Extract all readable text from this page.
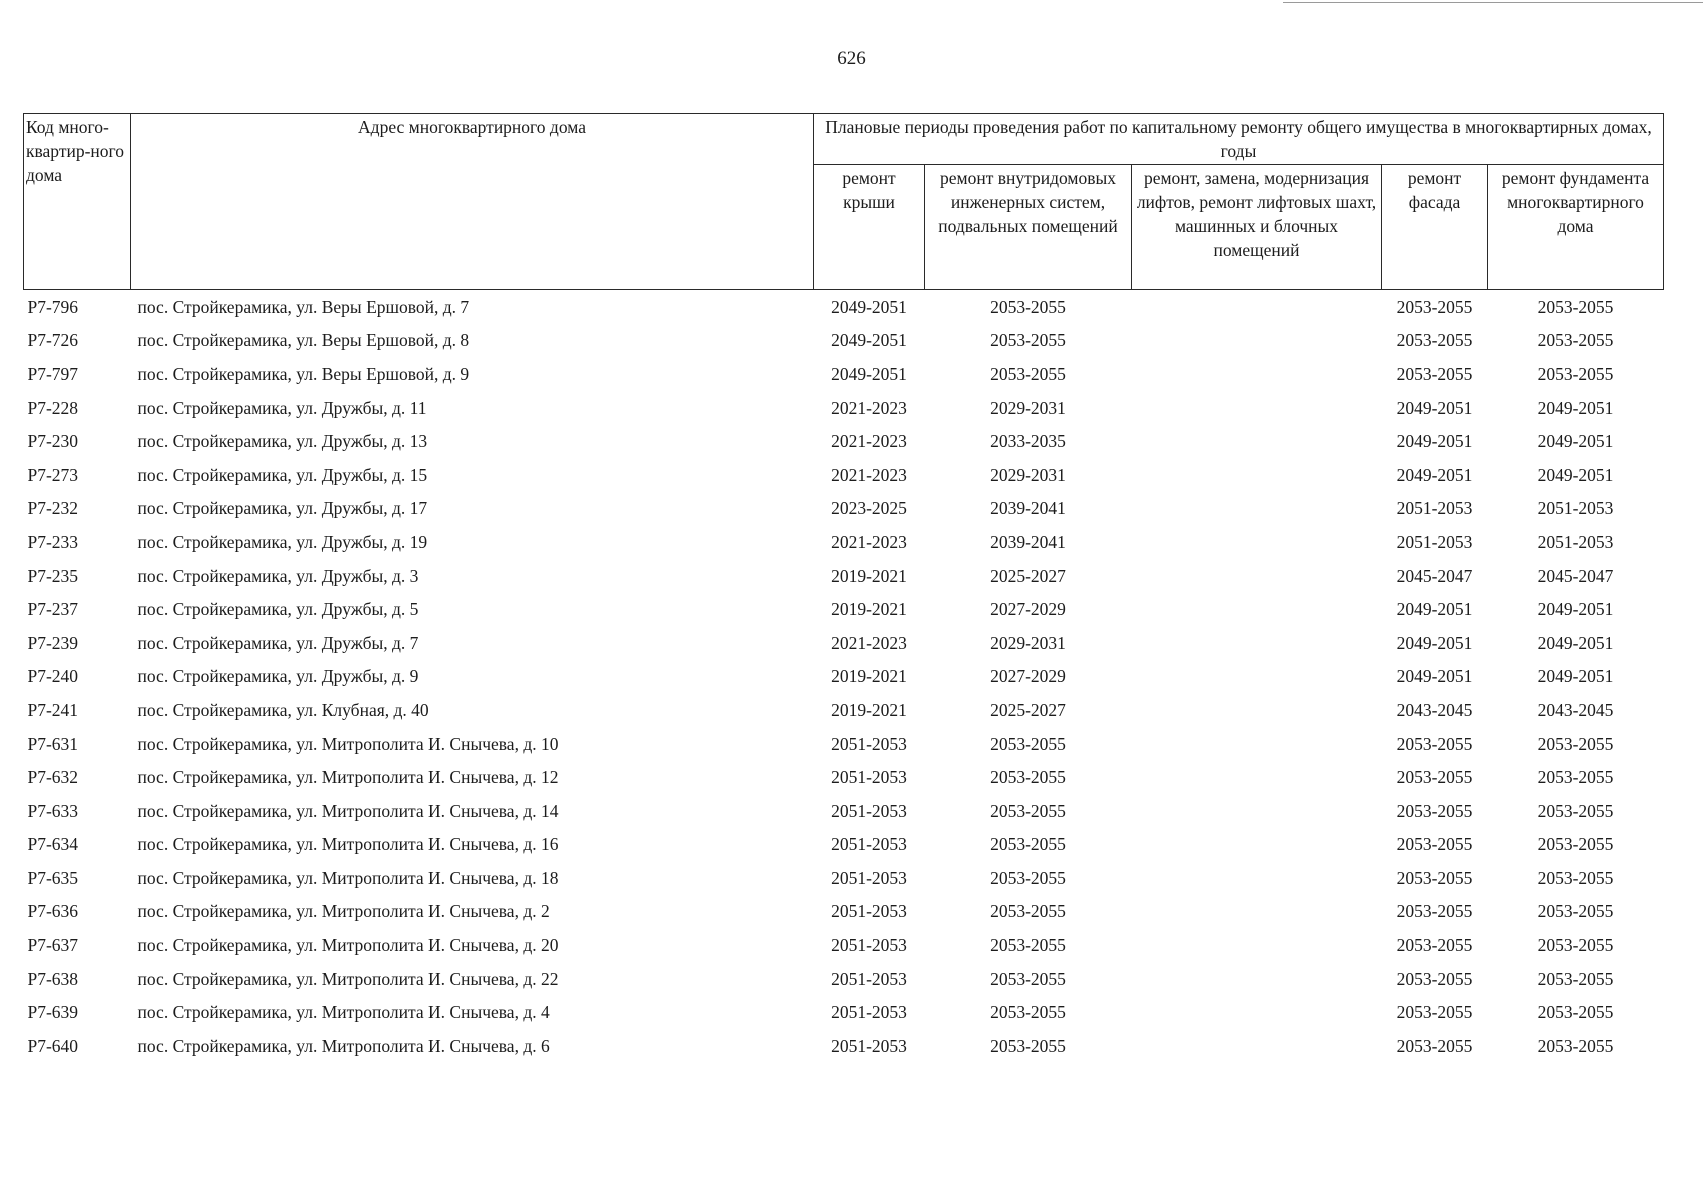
626
Код много-квартир-ного дома	Адрес многоквартирного дома	Плановые периоды проведения работ по капитальному ремонту общего имущества в многоквартирных домах, годы				
		ремонт крыши	ремонт внутридомовых инженерных систем, подвальных помещений	ремонт, замена, модернизация лифтов, ремонт лифтовых шахт, машинных и блочных помещений	ремонт фасада	ремонт фундамента многоквартирного дома
Р7-796	пос. Стройкерамика, ул. Веры Ершовой, д. 7	2049-2051	2053-2055		2053-2055	2053-2055
Р7-726	пос. Стройкерамика, ул. Веры Ершовой, д. 8	2049-2051	2053-2055		2053-2055	2053-2055
Р7-797	пос. Стройкерамика, ул. Веры Ершовой, д. 9	2049-2051	2053-2055		2053-2055	2053-2055
Р7-228	пос. Стройкерамика, ул. Дружбы, д. 11	2021-2023	2029-2031		2049-2051	2049-2051
Р7-230	пос. Стройкерамика, ул. Дружбы, д. 13	2021-2023	2033-2035		2049-2051	2049-2051
Р7-273	пос. Стройкерамика, ул. Дружбы, д. 15	2021-2023	2029-2031		2049-2051	2049-2051
Р7-232	пос. Стройкерамика, ул. Дружбы, д. 17	2023-2025	2039-2041		2051-2053	2051-2053
Р7-233	пос. Стройкерамика, ул. Дружбы, д. 19	2021-2023	2039-2041		2051-2053	2051-2053
Р7-235	пос. Стройкерамика, ул. Дружбы, д. 3	2019-2021	2025-2027		2045-2047	2045-2047
Р7-237	пос. Стройкерамика, ул. Дружбы, д. 5	2019-2021	2027-2029		2049-2051	2049-2051
Р7-239	пос. Стройкерамика, ул. Дружбы, д. 7	2021-2023	2029-2031		2049-2051	2049-2051
Р7-240	пос. Стройкерамика, ул. Дружбы, д. 9	2019-2021	2027-2029		2049-2051	2049-2051
Р7-241	пос. Стройкерамика, ул. Клубная, д. 40	2019-2021	2025-2027		2043-2045	2043-2045
Р7-631	пос. Стройкерамика, ул. Митрополита И. Снычева, д. 10	2051-2053	2053-2055		2053-2055	2053-2055
Р7-632	пос. Стройкерамика, ул. Митрополита И. Снычева, д. 12	2051-2053	2053-2055		2053-2055	2053-2055
Р7-633	пос. Стройкерамика, ул. Митрополита И. Снычева, д. 14	2051-2053	2053-2055		2053-2055	2053-2055
Р7-634	пос. Стройкерамика, ул. Митрополита И. Снычева, д. 16	2051-2053	2053-2055		2053-2055	2053-2055
Р7-635	пос. Стройкерамика, ул. Митрополита И. Снычева, д. 18	2051-2053	2053-2055		2053-2055	2053-2055
Р7-636	пос. Стройкерамика, ул. Митрополита И. Снычева, д. 2	2051-2053	2053-2055		2053-2055	2053-2055
Р7-637	пос. Стройкерамика, ул. Митрополита И. Снычева, д. 20	2051-2053	2053-2055		2053-2055	2053-2055
Р7-638	пос. Стройкерамика, ул. Митрополита И. Снычева, д. 22	2051-2053	2053-2055		2053-2055	2053-2055
Р7-639	пос. Стройкерамика, ул. Митрополита И. Снычева, д. 4	2051-2053	2053-2055		2053-2055	2053-2055
Р7-640	пос. Стройкерамика, ул. Митрополита И. Снычева, д. 6	2051-2053	2053-2055		2053-2055	2053-2055
